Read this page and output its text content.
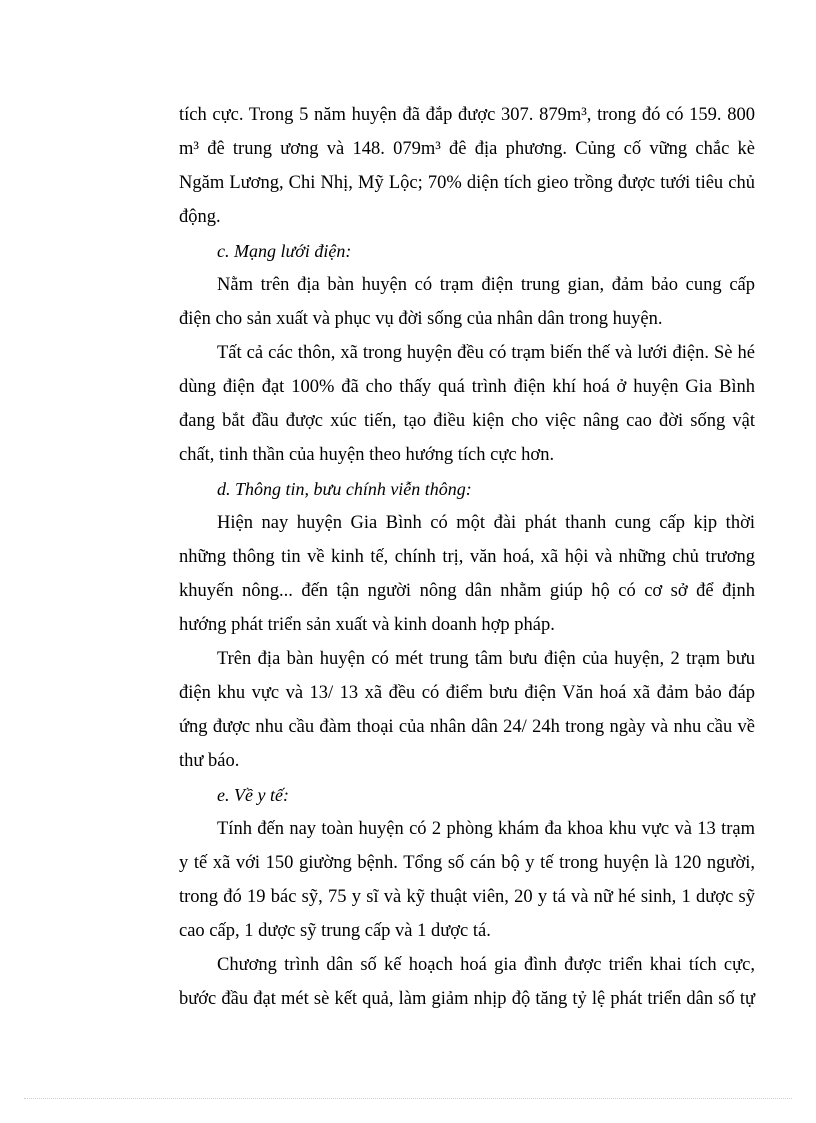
tích cực. Trong 5 năm huyện đã đắp được 307. 879m³, trong đó có 159. 800
m³ đê trung ương và 148. 079m³ đê địa phương. Củng cố vững chắc kè
Ngăm Lương, Chi Nhị, Mỹ Lộc; 70% diện tích gieo trồng được tưới tiêu chủ
động.
c. Mạng lưới điện:
Nằm trên địa bàn huyện có trạm điện trung gian, đảm bảo cung cấp
điện cho sản xuất và phục vụ đời sống của nhân dân trong huyện.
Tất cả các thôn, xã trong huyện đều có trạm biến thế và lưới điện. Sè hé
dùng điện đạt 100% đã cho thấy quá trình điện khí hoá ở huyện Gia Bình
đang bắt đầu được xúc tiến, tạo điều kiện cho việc nâng cao đời sống vật
chất, tinh thần của huyện theo hướng tích cực hơn.
d. Thông tin, bưu chính viễn thông:
Hiện nay huyện Gia Bình có một đài phát thanh cung cấp kịp thời
những thông tin về kinh tế, chính trị, văn hoá, xã hội và những chủ trương
khuyến nông... đến tận người nông dân nhằm giúp hộ có cơ sở để định
hướng phát triển sản xuất và kinh doanh hợp pháp.
Trên địa bàn huyện có mét trung tâm bưu điện của huyện, 2 trạm bưu
điện khu vực và 13/ 13 xã đều có điểm bưu điện Văn hoá xã đảm bảo đáp
ứng được nhu cầu đàm thoại của nhân dân 24/ 24h trong ngày và nhu cầu về
thư báo.
e. Về y tế:
Tính đến nay toàn huyện có 2 phòng khám đa khoa khu vực và 13 trạm
y tế xã với 150 giường bệnh. Tổng số cán bộ y tế trong huyện là 120 người,
trong đó 19 bác sỹ, 75 y sĩ và kỹ thuật viên, 20 y tá và nữ hé sinh, 1 dược sỹ
cao cấp, 1 dược sỹ trung cấp và 1 dược tá.
Chương trình dân số kế hoạch hoá gia đình được triển khai tích cực,
bước đầu đạt mét sè kết quả, làm giảm nhịp độ tăng tỷ lệ phát triển dân số tự
